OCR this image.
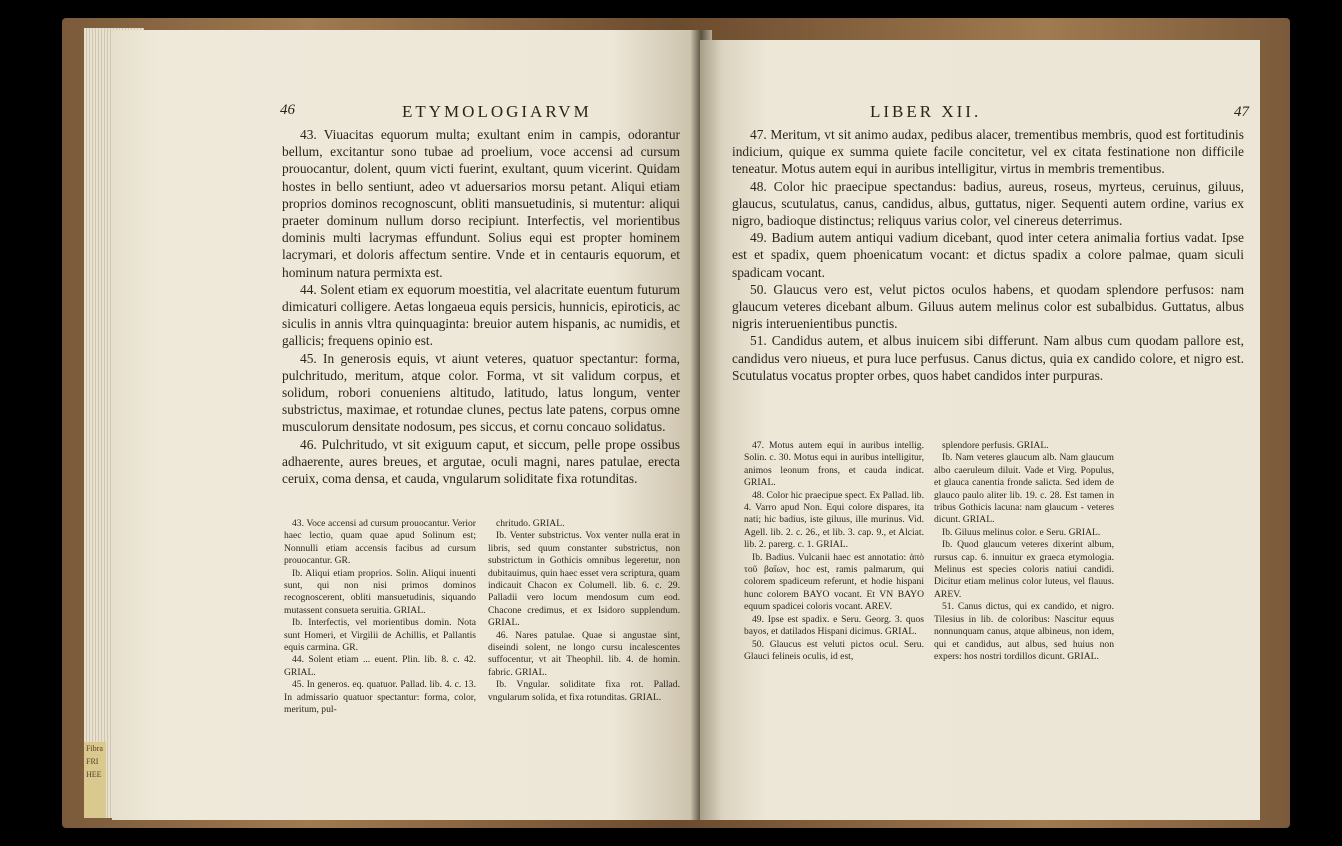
46	ETYMOLOGIARVM

43. Viuacitas equorum multa; exultant enim in campis, odorantur bellum, excitantur sono tubae ad proelium, voce accensi ad cursum prouocantur, dolent, quum victi fuerint, exultant, quum vicerint. Quidam hostes in bello sentiunt, adeo vt aduersarios morsu petant. Aliqui etiam proprios dominos recognoscunt, obliti mansuetudinis, si mutentur: aliqui praeter dominum nullum dorso recipiunt. Interfectis, vel morientibus dominis multi lacrymas effundunt. Solius equi est propter hominem lacrymari, et doloris affectum sentire. Vnde et in centauris equorum, et hominum natura permixta est.

44. Solent etiam ex equorum moestitia, vel alacritate euentum futurum dimicaturi colligere. Aetas longaeua equis persicis, hunnicis, epiroticis, ac siculis in annis vltra quinquaginta: breuior autem hispanis, ac numidis, et gallicis; frequens opinio est.

45. In generosis equis, vt aiunt veteres, quatuor spectantur: forma, pulchritudo, meritum, atque color. Forma, vt sit validum corpus, et solidum, robori conueniens altitudo, latitudo, latus longum, venter substrictus, maximae, et rotundae clunes, pectus late patens, corpus omne musculorum densitate nodosum, pes siccus, et cornu concauo solidatus.

46. Pulchritudo, vt sit exiguum caput, et siccum, pelle prope ossibus adhaerente, aures breues, et argutae, oculi magni, nares patulae, erecta ceruix, coma densa, et cauda, vngularum soliditate fixa rotunditas.

43. Voce accensi ad cursum prouocantur. Verior haec lectio, quam quae apud Solinum est; Nonnulli etiam accensis facibus ad cursum prouocantur. GR.

Ib. Aliqui etiam proprios. Solin. Aliqui inuenti sunt, qui non nisi primos dominos recognoscerent, obliti mansuetudinis, siquando mutassent consueta seruitia. GRIAL.

Ib. Interfectis, vel morientibus domin. Nota sunt Homeri, et Virgilii de Achillis, et Pallantis equis carmina. GR.

44. Solent etiam ... euent. Plin. lib. 8. c. 42. GRIAL.

45. In generos. eq. quatuor. Pallad. lib. 4. c. 13. In admissario quatuor spectantur: forma, color, meritum, pul-

chritudo. GRIAL.

Ib. Venter substrictus. Vox venter nulla erat in libris, sed quum constanter substrictus, non substrictum in Gothicis omnibus legeretur, non dubitauimus, quin haec esset vera scriptura, quam indicauit Chacon ex Columell. lib. 6. c. 29. Palladii vero locum mendosum cum eod. Chacone credimus, et ex Isidoro supplendum. GRIAL.

46. Nares patulae. Quae si angustae sint, diseindi solent, ne longo cursu incalescentes suffocentur, vt ait Theophil. lib. 4. de homin. fabric. GRIAL.

Ib. Vngular. soliditate fixa rot. Pallad. vngularum solida, et fixa rotunditas. GRIAL.

LIBER XII.	47

47. Meritum, vt sit animo audax, pedibus alacer, trementibus membris, quod est fortitudinis indicium, quique ex summa quiete facile concitetur, vel ex citata festinatione non difficile teneatur. Motus autem equi in auribus intelligitur, virtus in membris trementibus.

48. Color hic praecipue spectandus: badius, aureus, roseus, myrteus, ceruinus, giluus, glaucus, scutulatus, canus, candidus, albus, guttatus, niger. Sequenti autem ordine, varius ex nigro, badioque distinctus; reliquus varius color, vel cinereus deterrimus.

49. Badium autem antiqui vadium dicebant, quod inter cetera animalia fortius vadat. Ipse est et spadix, quem phoenicatum vocant: et dictus spadix a colore palmae, quam siculi spadicam vocant.

50. Glaucus vero est, velut pictos oculos habens, et quodam splendore perfusos: nam glaucum veteres dicebant album. Giluus autem melinus color est subalbidus. Guttatus, albus nigris interuenientibus punctis.

51. Candidus autem, et albus inuicem sibi differunt. Nam albus cum quodam pallore est, candidus vero niueus, et pura luce perfusus. Canus dictus, quia ex candido colore, et nigro est. Scutulatus vocatus propter orbes, quos habet candidos inter purpuras.

47. Motus autem equi in auribus intellig. Solin. c. 30. Motus equi in auribus intelligitur, animos leonum frons, et cauda indicat. GRIAL.

48. Color hic praecipue spect. Ex Pallad. lib. 4. Varro apud Non. Equi colore dispares, ita nati; hic badius, iste giluus, ille murinus. Vid. Agell. lib. 2. c. 26., et lib. 3. cap. 9., et Alciat. lib. 2. parerg. c. 1. GRIAL.

Ib. Badius. Vulcanii haec est annotatio: ἀπὸ τοῦ βαΐων, hoc est, ramis palmarum, qui colorem spadiceum referunt, et hodie hispani hunc colorem BAYO vocant. Et VN BAYO equum spadicei coloris vocant. AREV.

49. Ipse est spadix. e Seru. Georg. 3. quos bayos, et datilados Hispani dicimus. GRIAL.

50. Glaucus est veluti pictos ocul. Seru. Glauci felineis oculis, id est,

splendore perfusis. GRIAL.

Ib. Nam veteres glaucum alb. Nam glaucum albo caeruleum diluit. Vade et Virg. Populus, et glauca canentia fronde salicta. Sed idem de glauco paulo aliter lib. 19. c. 28. Est tamen in tribus Gothicis lacuna: nam glaucum - veteres dicunt. GRIAL.

Ib. Giluus melinus color. e Seru. GRIAL.

Ib. Quod glaucum veteres dixerint album, rursus cap. 6. innuitur ex graeca etymologia. Melinus est species coloris natiui candidi. Dicitur etiam melinus color luteus, vel flauus. AREV.

51. Canus dictus, qui ex candido, et nigro. Tilesius in lib. de coloribus: Nascitur equus nonnunquam canus, atque albineus, non idem, qui et candidus, aut albus, sed huius non expers: hos nostri tordillos dicunt. GRIAL.

Fibra
FRI
HEE
